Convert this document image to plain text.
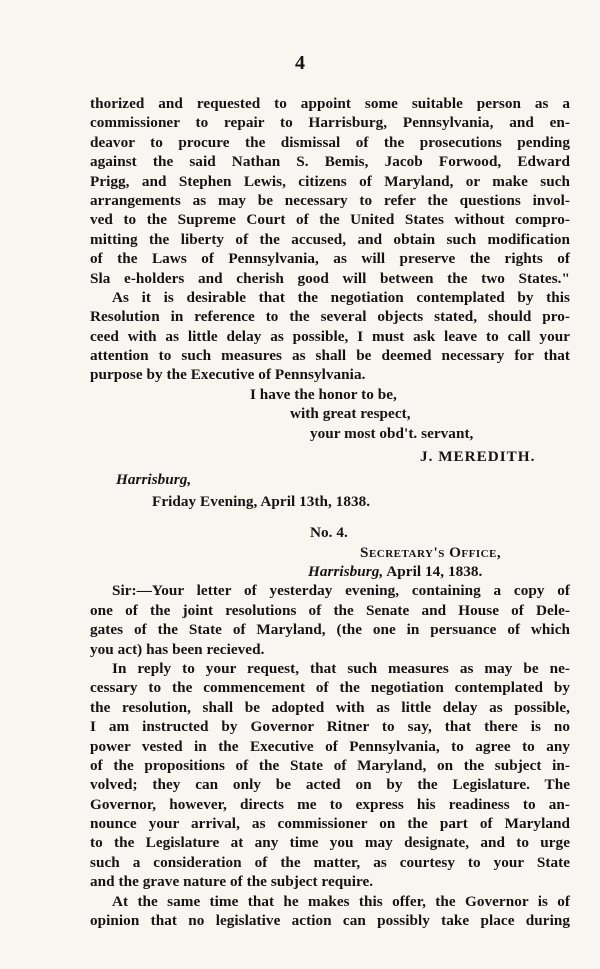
4
thorized and requested to appoint some suitable person as a
commissioner to repair to Harrisburg, Pennsylvania, and en-
deavor to procure the dismissal of the prosecutions pending
against the said Nathan S. Bemis, Jacob Forwood, Edward
Prigg, and Stephen Lewis, citizens of Maryland, or make such
arrangements as may be necessary to refer the questions invol-
ved to the Supreme Court of the United States without compro-
mitting the liberty of the accused, and obtain such modification
of the Laws of Pennsylvania, as will preserve the rights of
Sla e-holders and cherish good will between the two States."
As it is desirable that the negotiation contemplated by this
Resolution in reference to the several objects stated, should pro-
ceed with as little delay as possible, I must ask leave to call your
attention to such measures as shall be deemed necessary for that
purpose by the Executive of Pennsylvania.
I have the honor to be,
with great respect,
your most obd't. servant,
J. MEREDITH.
Harrisburg,
Friday Evening, April 13th, 1838.
No. 4.
Secretary's Office,
Harrisburg, April 14, 1838.
Sir:—Your letter of yesterday evening, containing a copy of
one of the joint resolutions of the Senate and House of Dele-
gates of the State of Maryland, (the one in persuance of which
you act) has been recieved.
In reply to your request, that such measures as may be ne-
cessary to the commencement of the negotiation contemplated by
the resolution, shall be adopted with as little delay as possible,
I am instructed by Governor Ritner to say, that there is no
power vested in the Executive of Pennsylvania, to agree to any
of the propositions of the State of Maryland, on the subject in-
volved; they can only be acted on by the Legislature. The
Governor, however, directs me to express his readiness to an-
nounce your arrival, as commissioner on the part of Maryland
to the Legislature at any time you may designate, and to urge
such a consideration of the matter, as courtesy to your State
and the grave nature of the subject require.
At the same time that he makes this offer, the Governor is of
opinion that no legislative action can possibly take place during
